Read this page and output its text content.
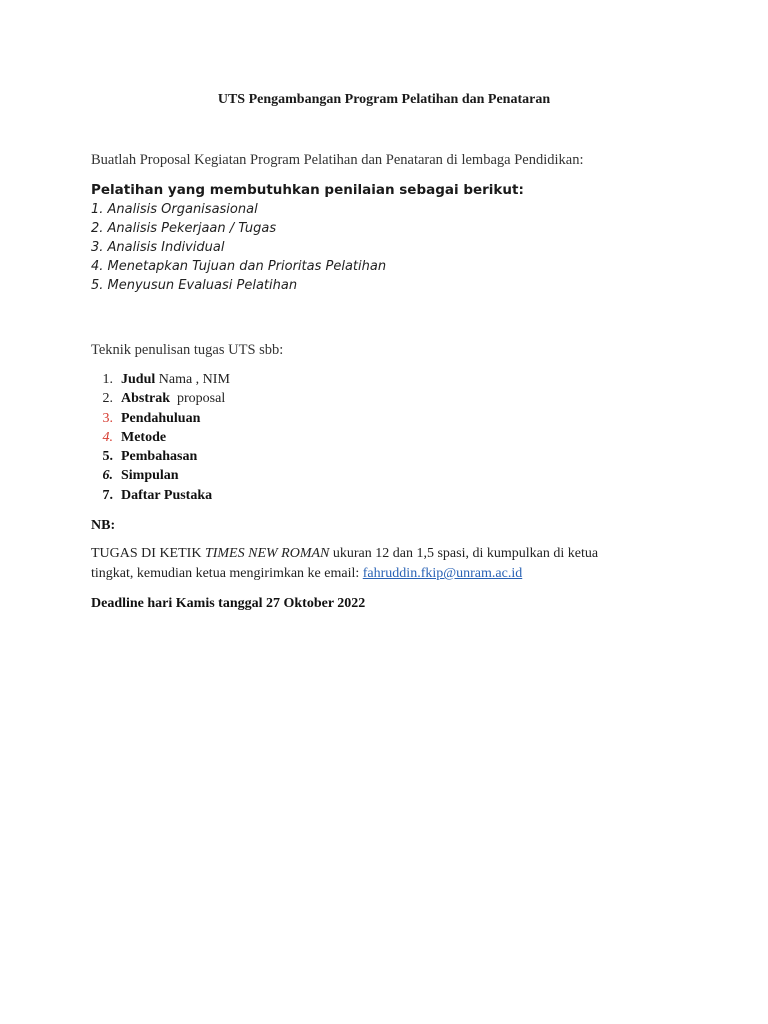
UTS Pengambangan Program Pelatihan dan Penataran
Buatlah Proposal Kegiatan Program Pelatihan dan Penataran di lembaga Pendidikan:
Pelatihan yang membutuhkan penilaian sebagai berikut:
1. Analisis Organisasional
2. Analisis Pekerjaan / Tugas
3. Analisis Individual
4. Menetapkan Tujuan dan Prioritas Pelatihan
5. Menyusun Evaluasi Pelatihan
Teknik penulisan tugas UTS sbb:
1. Judul Nama , NIM
2. Abstrak  proposal
3. Pendahuluan
4. Metode
5. Pembahasan
6. Simpulan
7. Daftar Pustaka
NB:
TUGAS DI KETIK TIMES NEW ROMAN ukuran 12 dan 1,5 spasi, di kumpulkan di ketua
tingkat, kemudian ketua mengirimkan ke email: fahruddin.fkip@unram.ac.id
Deadline hari Kamis tanggal 27 Oktober 2022
